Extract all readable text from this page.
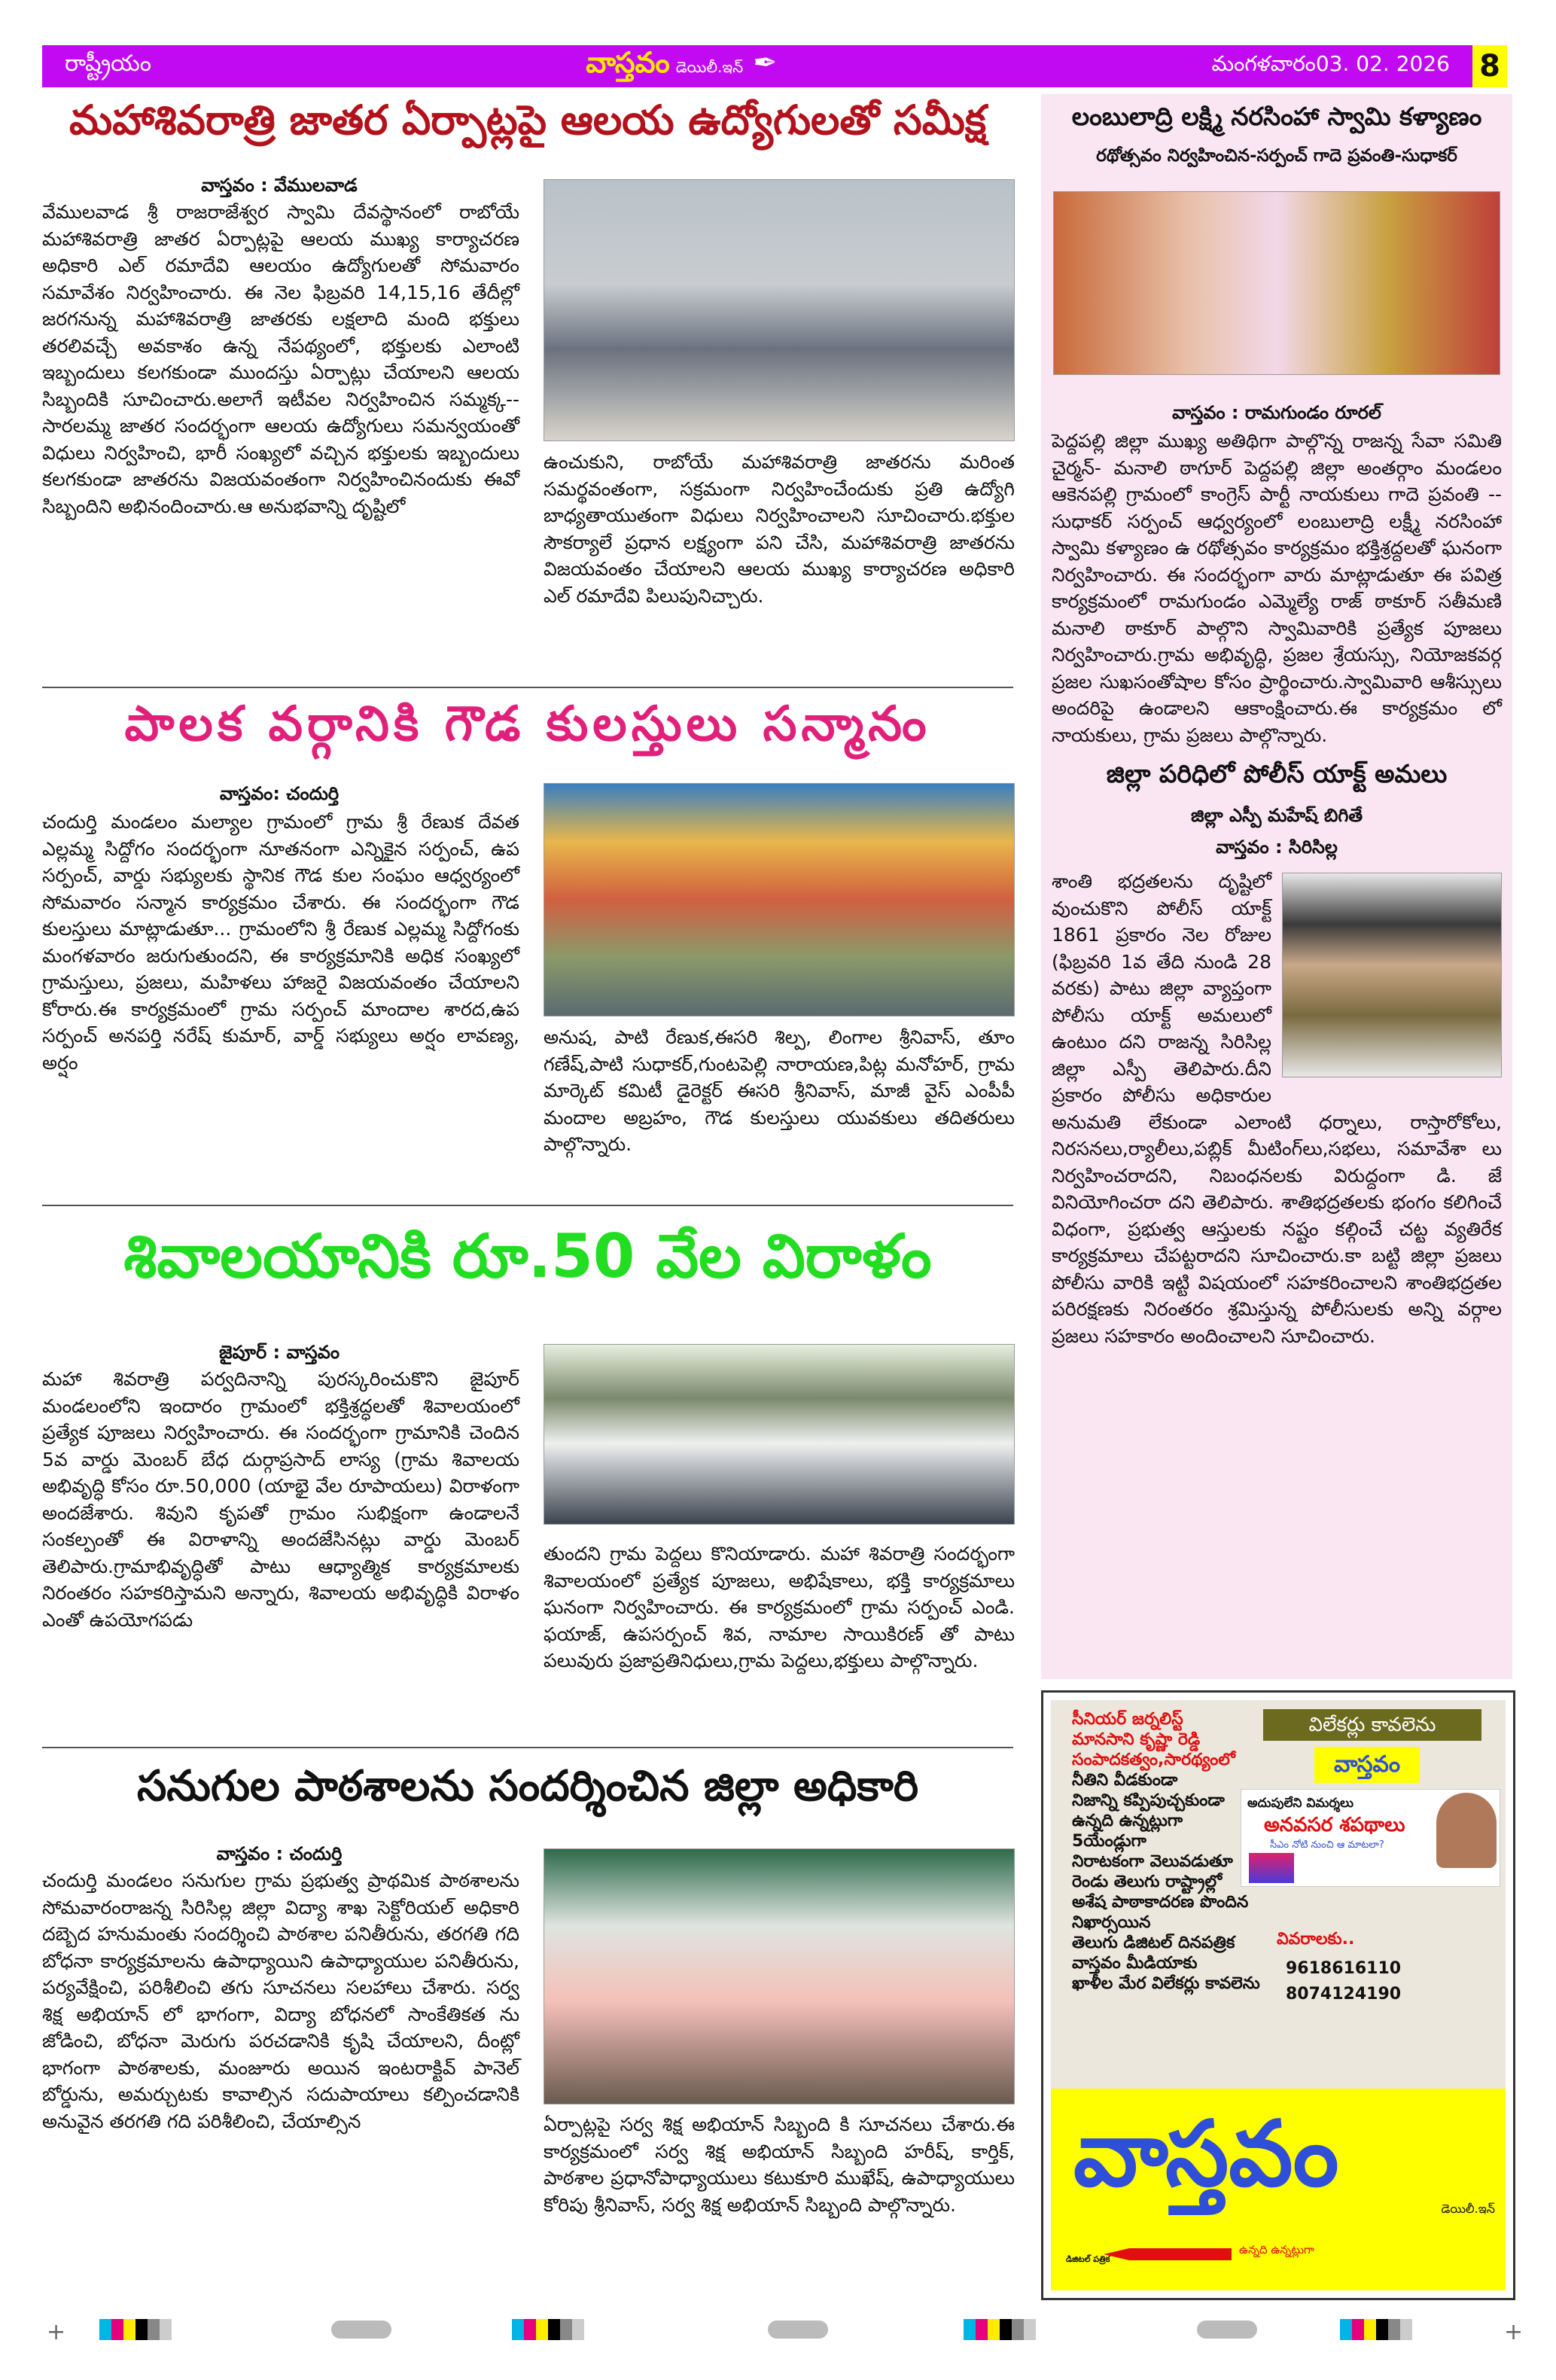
రాష్ట్రీయం	వాస్తవం డెయిలీ.ఇన్ ✒	మంగళవారం03. 02. 2026 8
మహాశివరాత్రి జాతర ఏర్పాట్లపై ఆలయ ఉద్యోగులతో సమీక్ష
వాస్తవం : వేములవాడ
వేములవాడ శ్రీ రాజరాజేశ్వర స్వామి దేవస్థానంలో రాబోయే మహాశివరాత్రి జాతర ఏర్పాట్లపై ఆలయ ముఖ్య కార్యాచరణ అధికారి ఎల్ రమాదేవి ఆలయం ఉద్యోగులతో సోమవారం సమావేశం నిర్వహించారు. ఈ నెల ఫిబ్రవరి 14,15,16 తేదీల్లో జరగనున్న మహాశివరాత్రి జాతరకు లక్షలాది మంది భక్తులు తరలివచ్చే అవకాశం ఉన్న నేపథ్యంలో, భక్తులకు ఎలాంటి ఇబ్బందులు కలగకుండా ముందస్తు ఏర్పాట్లు చేయాలని ఆలయ సిబ్బందికి సూచించారు.అలాగే ఇటీవల నిర్వహించిన సమ్మక్క--సారలమ్మ జాతర సందర్భంగా ఆలయ ఉద్యోగులు సమన్వయంతో విధులు నిర్వహించి, భారీ సంఖ్యలో వచ్చిన భక్తులకు ఇబ్బందులు కలగకుండా జాతరను విజయవంతంగా నిర్వహించినందుకు ఈవో సిబ్బందిని అభినందించారు.ఆ అనుభవాన్ని దృష్టిలో
ఉంచుకుని, రాబోయే మహాశివరాత్రి జాతరను మరింత సమర్థవంతంగా, సక్రమంగా నిర్వహించేందుకు ప్రతి ఉద్యోగి బాధ్యతాయుతంగా విధులు నిర్వహించాలని సూచించారు.భక్తుల సౌకర్యాలే ప్రధాన లక్ష్యంగా పని చేసి, మహాశివరాత్రి జాతరను విజయవంతం చేయాలని ఆలయ ముఖ్య కార్యాచరణ అధికారి ఎల్ రమాదేవి పిలుపునిచ్చారు.
పాలక వర్గానికి గౌడ కులస్తులు సన్మానం
వాస్తవం: చందుర్తి
చందుర్తి మండలం మల్యాల గ్రామంలో గ్రామ శ్రీ రేణుక దేవత ఎల్లమ్మ సిద్దోగం సందర్భంగా నూతనంగా ఎన్నికైన సర్పంచ్, ఉప సర్పంచ్, వార్డు సభ్యులకు స్థానిక గౌడ కుల సంఘం ఆధ్వర్యంలో సోమవారం సన్మాన కార్యక్రమం చేశారు. ఈ సందర్భంగా గౌడ కులస్తులు మాట్లాడుతూ... గ్రామంలోని శ్రీ రేణుక ఎల్లమ్మ సిద్దోగంకు మంగళవారం జరుగుతుందని, ఈ కార్యక్రమానికి అధిక సంఖ్యలో గ్రామస్తులు, ప్రజలు, మహిళలు హాజరై విజయవంతం చేయాలని కోరారు.ఈ కార్యక్రమంలో గ్రామ సర్పంచ్ మాందాల శారద,ఉప సర్పంచ్ అనపర్తి నరేష్ కుమార్, వార్డ్ సభ్యులు అర్షం లావణ్య, అర్షం
అనుష, పాటి రేణుక,ఈసరి శిల్ప, లింగాల శ్రీనివాస్, తూం గణేష్,పాటి సుధాకర్,గుంటపెల్లి నారాయణ,పిట్ల మనోహర్, గ్రామ మార్కెట్ కమిటీ డైరెక్టర్ ఈసరి శ్రీనివాస్, మాజీ వైస్ ఎంపీపీ మందాల అబ్రహం, గౌడ కులస్తులు యువకులు తదితరులు పాల్గొన్నారు.
శివాలయానికి రూ.50 వేల విరాళం
జైపూర్ : వాస్తవం
మహా శివరాత్రి పర్వదినాన్ని పురస్కరించుకొని జైపూర్ మండలంలోని ఇందారం గ్రామంలో భక్తిశ్రద్ధలతో శివాలయంలో ప్రత్యేక పూజలు నిర్వహించారు. ఈ సందర్భంగా గ్రామానికి చెందిన 5వ వార్డు మెంబర్ బేధ దుర్గాప్రసాద్ లాస్య (గ్రామ శివాలయ అభివృద్ధి కోసం రూ.50,000 (యాభై వేల రూపాయలు) విరాళంగా అందజేశారు. శివుని కృపతో గ్రామం సుభిక్షంగా ఉండాలనే సంకల్పంతో ఈ విరాళాన్ని అందజేసినట్లు వార్డు మెంబర్ తెలిపారు.గ్రామాభివృద్ధితో పాటు ఆధ్యాత్మిక కార్యక్రమాలకు నిరంతరం సహకరిస్తామని అన్నారు, శివాలయ అభివృద్ధికి విరాళం ఎంతో ఉపయోగపడు
తుందని గ్రామ పెద్దలు కొనియాడారు. మహా శివరాత్రి సందర్భంగా శివాలయంలో ప్రత్యేక పూజలు, అభిషేకాలు, భక్తి కార్యక్రమాలు ఘనంగా నిర్వహించారు. ఈ కార్యక్రమంలో గ్రామ సర్పంచ్ ఎండి. ఫయాజ్, ఉపసర్పంచ్ శివ, నామాల సాయికిరణ్ తో పాటు పలువురు ప్రజాప్రతినిధులు,గ్రామ పెద్దలు,భక్తులు పాల్గొన్నారు.
సనుగుల పాఠశాలను సందర్శించిన జిల్లా అధికారి
వాస్తవం : చందుర్తి
చందుర్తి మండలం సనుగుల గ్రామ ప్రభుత్వ ప్రాథమిక పాఠశాలను సోమవారంరాజన్న సిరిసిల్ల జిల్లా విద్యా శాఖ సెక్టోరియల్ అధికారి దబ్బెద హనుమంతు సందర్శించి పాఠశాల పనితీరును, తరగతి గది బోధనా కార్యక్రమాలను ఉపాధ్యాయిని ఉపాధ్యాయుల పనితీరును, పర్యవేక్షించి, పరిశీలించి తగు సూచనలు సలహాలు చేశారు. సర్వ శిక్ష అభియాన్ లో భాగంగా, విద్యా బోధనలో సాంకేతికత ను జోడించి, బోధనా మెరుగు పరచడానికి కృషి చేయాలని, దీంట్లో భాగంగా పాఠశాలకు, మంజూరు అయిన ఇంటరాక్టివ్ పానెల్ బోర్డును, అమర్చుటకు కావాల్సిన సదుపాయాలు కల్పించడానికి అనువైన తరగతి గది పరిశీలించి, చేయాల్సిన	ఏర్పాట్లపై సర్వ శిక్ష అభియాన్ సిబ్బంది కి సూచనలు చేశారు.ఈ కార్యక్రమంలో సర్వ శిక్ష అభియాన్ సిబ్బంది హరీష్, కార్తిక్, పాఠశాల ప్రధానోపాధ్యాయులు కటుకూరి ముఖేష్, ఉపాధ్యాయులు కోరిపు శ్రీనివాస్, సర్వ శిక్ష అభియాన్ సిబ్బంది పాల్గొన్నారు.
లంబులాద్రి లక్ష్మి నరసింహా స్వామి కళ్యాణం
రథోత్సవం నిర్వహించిన-సర్పంచ్ గాదె ప్రవంతి-సుధాకర్
వాస్తవం : రామగుండం రూరల్
పెద్దపల్లి జిల్లా ముఖ్య అతిథిగా పాల్గొన్న రాజన్న సేవా సమితి చైర్మన్- మనాలి ఠాగూర్ పెద్దపల్లి జిల్లా అంతర్గాం మండలం ఆకెనపల్లి గ్రామంలో కాంగ్రెస్ పార్టీ నాయకులు గాదె ప్రవంతి -- సుధాకర్ సర్పంచ్ ఆధ్వర్యంలో లంబులాద్రి లక్ష్మీ నరసింహా స్వామి కళ్యాణం ఉ రథోత్సవం కార్యక్రమం భక్తిశ్రద్దలతో ఘనంగా నిర్వహించారు. ఈ సందర్భంగా వారు మాట్లాడుతూ ఈ పవిత్ర కార్యక్రమంలో రామగుండం ఎమ్మెల్యే రాజ్ ఠాకూర్ సతీమణి మనాలి ఠాకూర్ పాల్గొని స్వామివారికి ప్రత్యేక పూజలు నిర్వహించారు.గ్రామ అభివృద్ధి, ప్రజల శ్రేయస్సు, నియోజకవర్గ ప్రజల సుఖసంతోషాల కోసం ప్రార్థించారు.స్వామివారి ఆశీస్సులు అందరిపై ఉండాలని ఆకాంక్షించారు.ఈ కార్యక్రమం లో నాయకులు, గ్రామ ప్రజలు పాల్గొన్నారు.
జిల్లా పరిధిలో పోలీస్ యాక్ట్ అమలు
జిల్లా ఎస్పీ మహేష్ బిగితే
వాస్తవం : సిరిసిల్ల
శాంతి భద్రతలను దృష్టిలో వుంచుకొని పోలీస్ యాక్ట్ 1861 ప్రకారం నెల రోజుల (ఫిబ్రవరి 1వ తేది నుండి 28 వరకు) పాటు జిల్లా వ్యాప్తంగా పోలీసు యాక్ట్ అమలులో ఉంటుం దని రాజన్న సిరిసిల్ల జిల్లా ఎస్పీ తెలిపారు.దీని ప్రకారం పోలీసు అధికారుల అనుమతి లేకుండా ఎలాంటి ధర్నాలు, రాస్తారోకోలు, నిరసనలు,ర్యాలీలు,పబ్లిక్ మీటింగ్‌లు,సభలు, సమావేశా లు నిర్వహించరాదని, నిబంధనలకు విరుద్దంగా డి. జే వినియోగించరా దని తెలిపారు. శాతిభద్రతలకు భంగం కలిగించే విధంగా, ప్రభుత్వ ఆస్తులకు నష్టం కల్గించే చట్ట వ్యతిరేక కార్యక్రమాలు చేపట్టరాదని సూచించారు.కా బట్టి జిల్లా ప్రజలు పోలీసు వారికి ఇట్టి విషయంలో సహకరించాలని శాంతిభద్రతల పరిరక్షణకు నిరంతరం శ్రమిస్తున్న పోలీసులకు అన్ని వర్గాల ప్రజలు సహకారం అందించాలని సూచించారు.
సీనియర్ జర్నలిస్ట్
మానసాని కృష్ణా రెడ్డి
సంపాదకత్వం,సారథ్యంలో
నీతిని వీడకుండా
నిజాన్ని కప్పిపుచ్చకుండా
ఉన్నది ఉన్నట్లుగా
5యేండ్లుగా
నిరాటకంగా వెలువడుతూ
రెండు తెలుగు రాష్ట్రాల్లో
అశేష పాఠాకాదరణ పొందిన
నిఖార్సయిన
తెలుగు డిజిటల్ దినపత్రిక
వాస్తవం మీడియాకు
ఖాళీల మేర విలేకర్లు కావలెను
విలేకర్లు కావలెను
వాస్తవం
అదుపులేని విమర్శలు
అనవసర శపథాలు
సీఎం నోటి నుంచి ఆ మాటలా?
వివరాలకు..
9618616110
8074124190
వాస్తవం
డెయిలీ.ఇన్
ఉన్నది ఉన్నట్లుగా
డిజిటల్ పత్రిక
+	+
